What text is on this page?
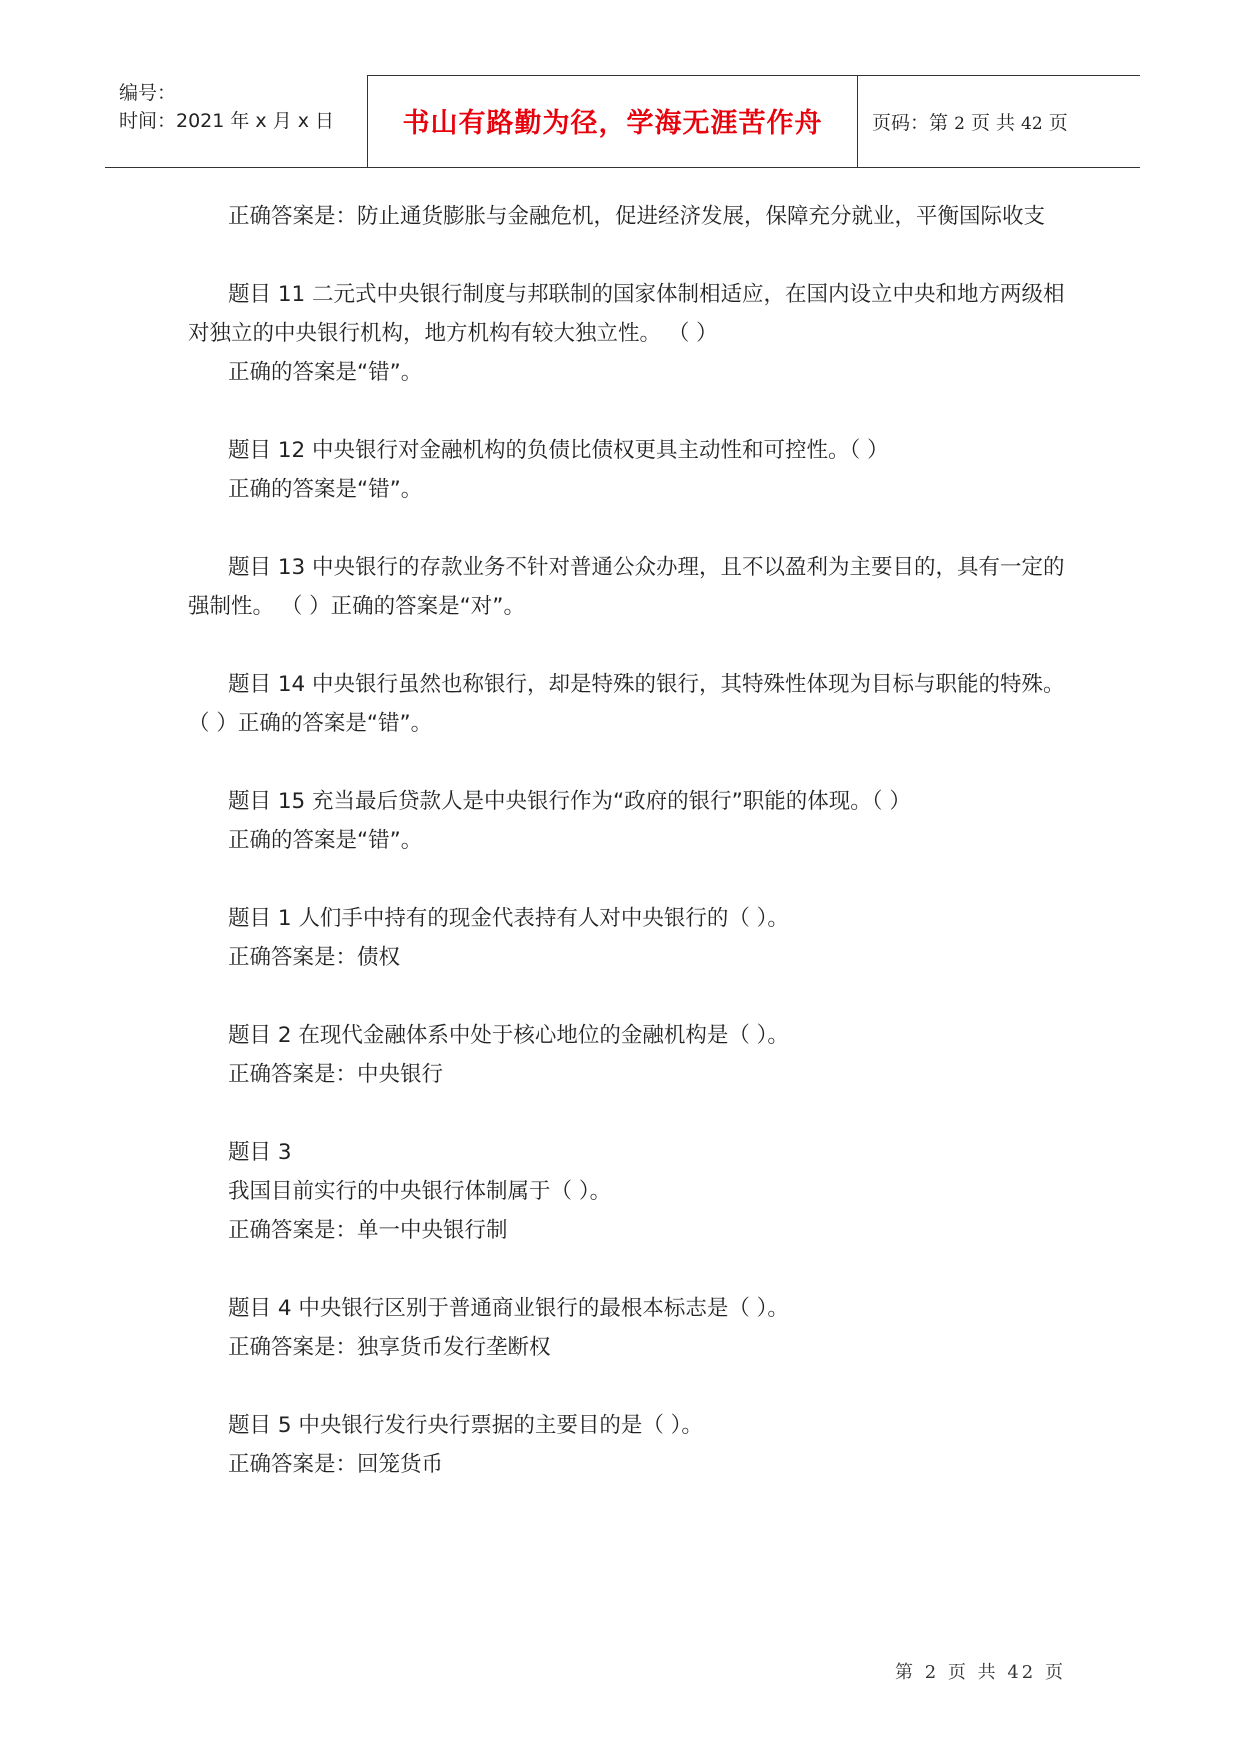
编号：
时间：2021 年 x 月 x 日	书山有路勤为径，学海无涯苦作舟	页码：第 2 页 共 42 页

正确答案是：防止通货膨胀与金融危机，促进经济发展，保障充分就业，平衡国际收支

题目 11 二元式中央银行制度与邦联制的国家体制相适应，在国内设立中央和地方两级相对独立的中央银行机构，地方机构有较大独立性。 （ ）

正确的答案是“错”。

题目 12 中央银行对金融机构的负债比债权更具主动性和可控性。（ ）

正确的答案是“错”。

题目 13 中央银行的存款业务不针对普通公众办理，且不以盈利为主要目的，具有一定的强制性。 （ ）正确的答案是“对”。

题目 14 中央银行虽然也称银行，却是特殊的银行，其特殊性体现为目标与职能的特殊。 （ ）正确的答案是“错”。

题目 15 充当最后贷款人是中央银行作为“政府的银行”职能的体现。（ ）

正确的答案是“错”。

题目 1 人们手中持有的现金代表持有人对中央银行的（ ）。

正确答案是：债权

题目 2 在现代金融体系中处于核心地位的金融机构是（ ）。

正确答案是：中央银行

题目 3

我国目前实行的中央银行体制属于（ ）。

正确答案是：单一中央银行制

题目 4 中央银行区别于普通商业银行的最根本标志是（ ）。

正确答案是：独享货币发行垄断权

题目 5 中央银行发行央行票据的主要目的是（ ）。

正确答案是：回笼货币

第 2 页 共 42 页
